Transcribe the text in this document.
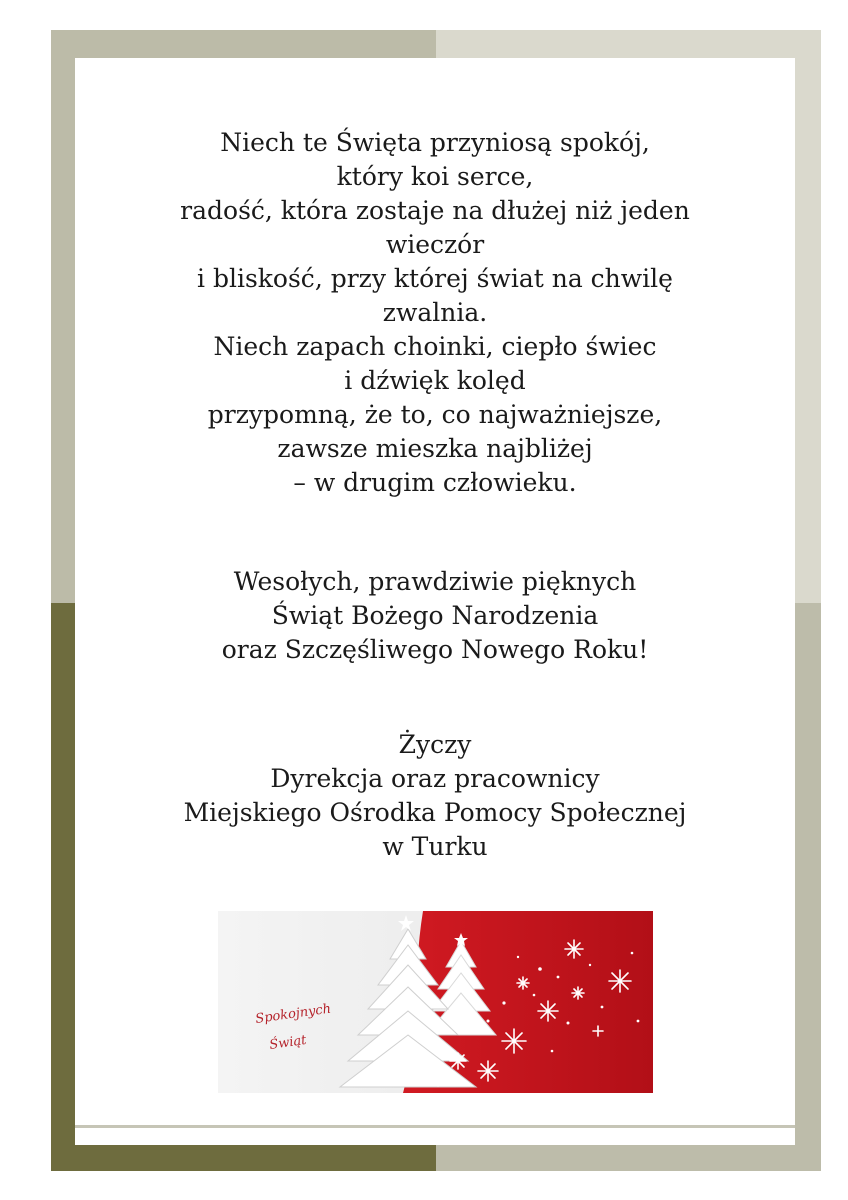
Niech te Święta przyniosą spokój,
który koi serce,
radość, która zostaje na dłużej niż jeden
wieczór
i bliskość, przy której świat na chwilę
zwalnia.
Niech zapach choinki, ciepło świec
i dźwięk kolęd
przypomną, że to, co najważniejsze,
zawsze mieszka najbliżej
– w drugim człowieku.
Wesołych, prawdziwie pięknych
Świąt Bożego Narodzenia
oraz Szczęśliwego Nowego Roku!
Życzy
Dyrekcja oraz pracownicy
Miejskiego Ośrodka Pomocy Społecznej
w Turku
Spokojnych
Świąt
